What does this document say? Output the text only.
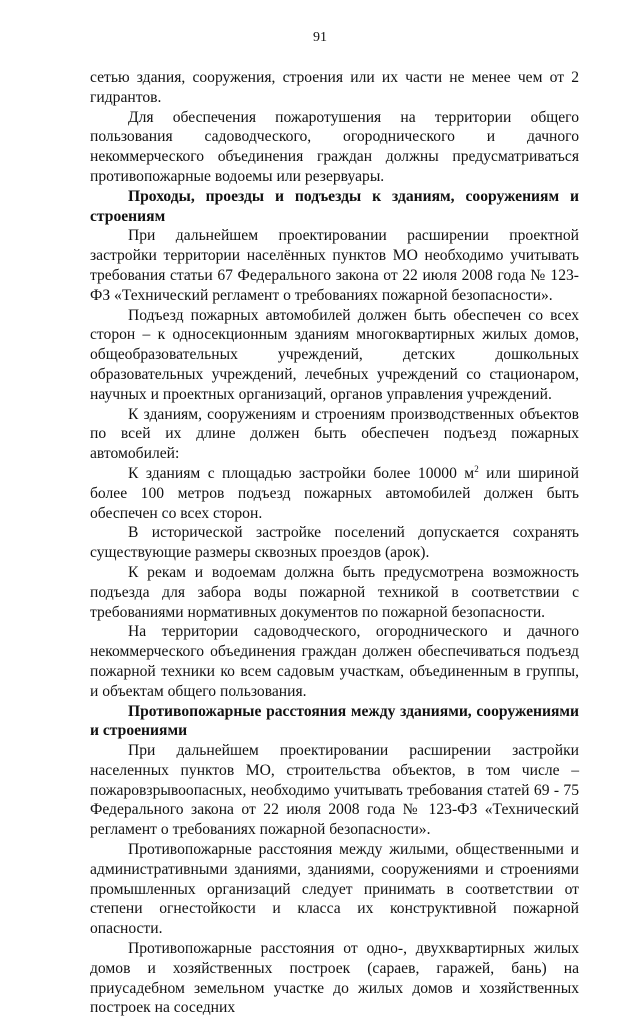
91

сетью здания, сооружения, строения или их части не менее чем от 2 гидрантов.

Для обеспечения пожаротушения на территории общего пользования садоводческого, огороднического и дачного некоммерческого объединения граждан должны предусматриваться противопожарные водоемы или резервуары.

Проходы, проезды и подъезды к зданиям, сооружениям и строениям

При дальнейшем проектировании расширении проектной застройки территории населённых пунктов МО необходимо учитывать требования статьи 67 Федерального закона от 22 июля 2008 года № 123-ФЗ «Технический регламент о требованиях пожарной безопасности».

Подъезд пожарных автомобилей должен быть обеспечен со всех сторон – к односекционным зданиям многоквартирных жилых домов, общеобразовательных учреждений, детских дошкольных образовательных учреждений, лечебных учреждений со стационаром, научных и проектных организаций, органов управления учреждений.

К зданиям, сооружениям и строениям производственных объектов по всей их длине должен быть обеспечен подъезд пожарных автомобилей:

К зданиям с площадью застройки более 10000 $м^2$ или шириной более 100 метров подъезд пожарных автомобилей должен быть обеспечен со всех сторон.

В исторической застройке поселений допускается сохранять существующие размеры сквозных проездов (арок).

К рекам и водоемам должна быть предусмотрена возможность подъезда для забора воды пожарной техникой в соответствии с требованиями нормативных документов по пожарной безопасности.

На территории садоводческого, огороднического и дачного некоммерческого объединения граждан должен обеспечиваться подъезд пожарной техники ко всем садовым участкам, объединенным в группы, и объектам общего пользования.

Противопожарные расстояния между зданиями, сооружениями и строениями

При дальнейшем проектировании расширении застройки населенных пунктов МО, строительства объектов, в том числе – пожаровзрывоопасных, необходимо учитывать требования статей 69 - 75 Федерального закона от 22 июля 2008 года № 123-ФЗ «Технический регламент о требованиях пожарной безопасности».

Противопожарные расстояния между жилыми, общественными и административными зданиями, зданиями, сооружениями и строениями промышленных организаций следует принимать в соответствии от степени огнестойкости и класса их конструктивной пожарной опасности.

Противопожарные расстояния от одно-, двухквартирных жилых домов и хозяйственных построек (сараев, гаражей, бань) на приусадебном земельном участке до жилых домов и хозяйственных построек на соседних
